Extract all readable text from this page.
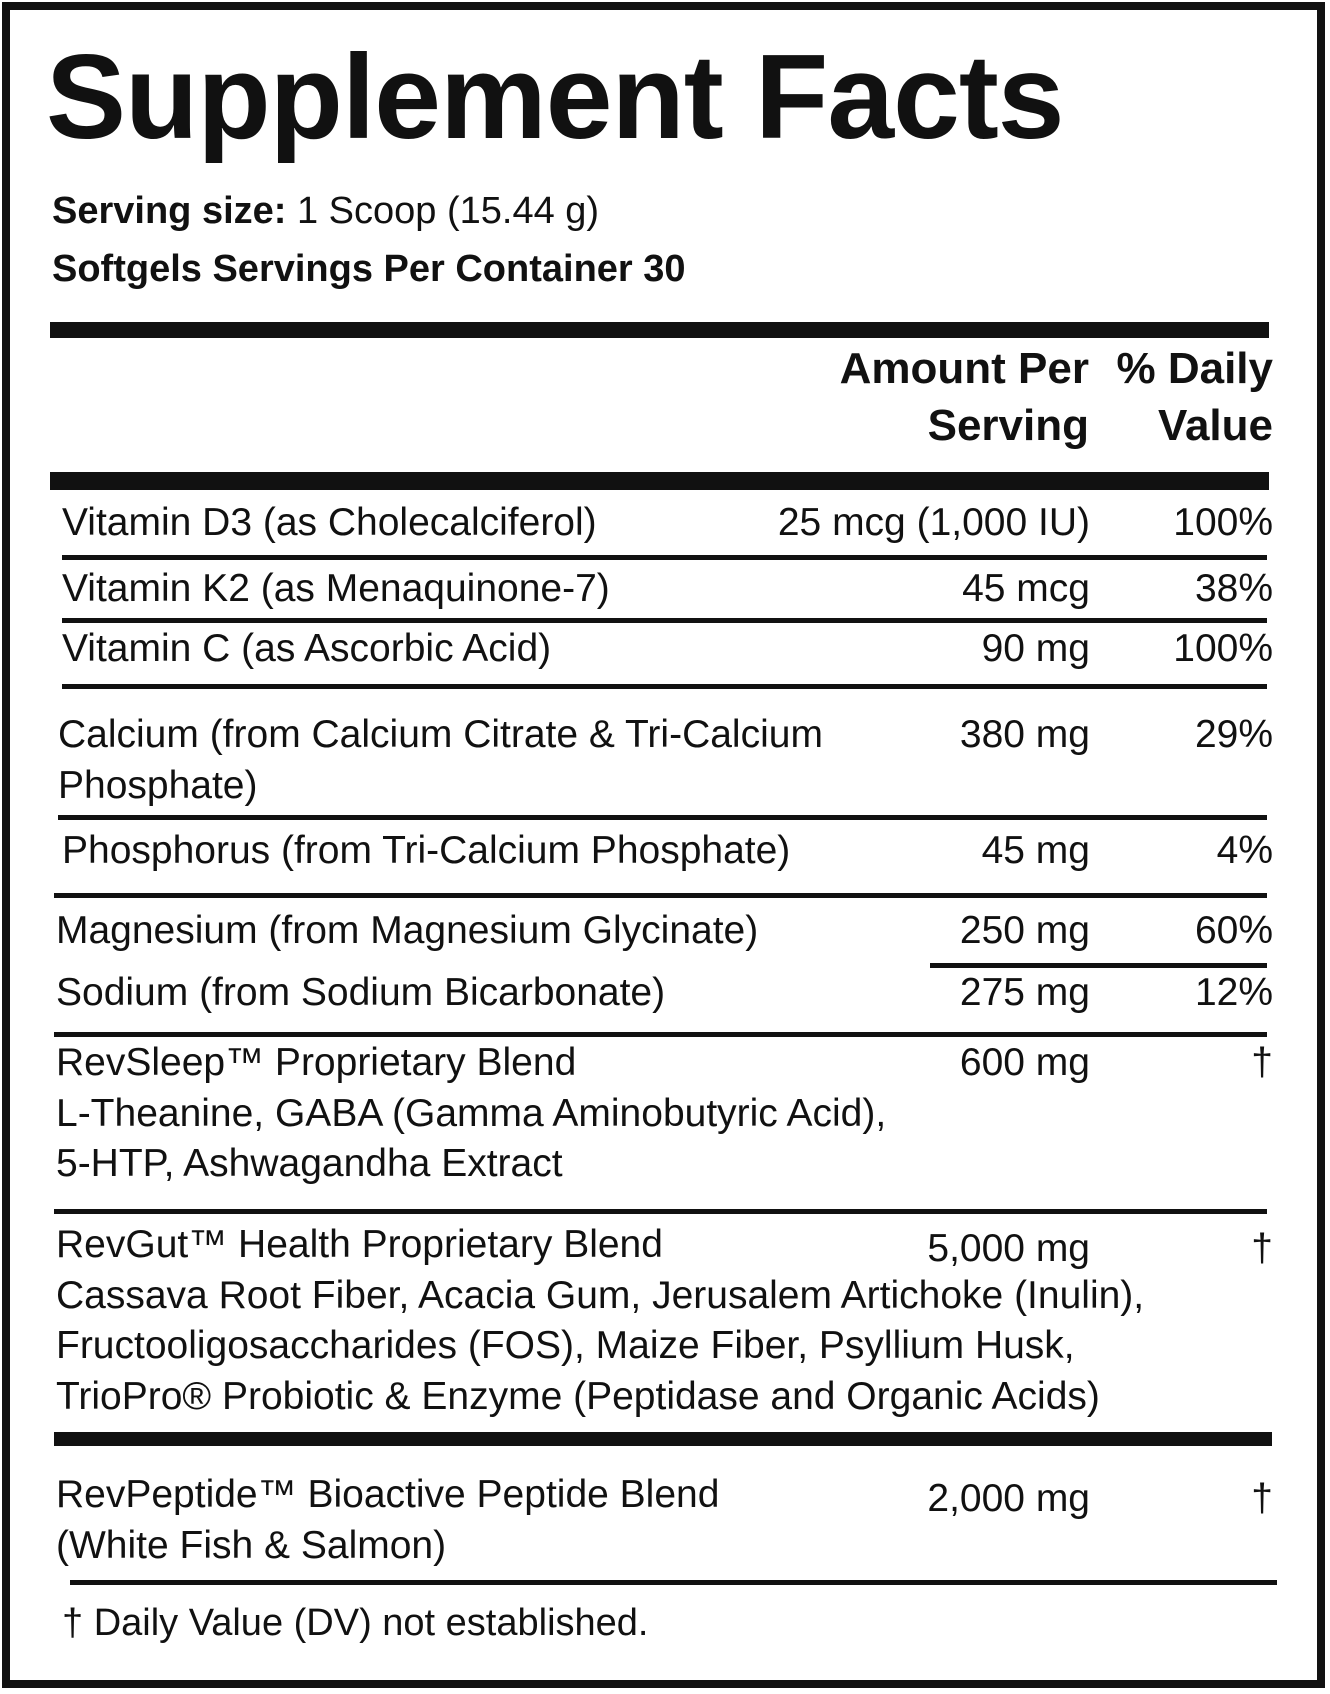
Supplement Facts
Serving size: 1 Scoop (15.44 g)
Softgels Servings Per Container 30
Amount Per
Serving
% Daily
Value
Vitamin D3 (as Cholecalciferol)	25 mcg (1,000 IU) 100%
Vitamin K2 (as Menaquinone-7)	45 mcg	38%
Vitamin C (as Ascorbic Acid)	90 mg 100%
Calcium (from Calcium Citrate & Tri-Calcium
Phosphate)
380 mg	29%
Phosphorus (from Tri-Calcium Phosphate)	45 mg	4%
Magnesium (from Magnesium Glycinate)	250 mg	60%
Sodium (from Sodium Bicarbonate)	275 mg	12%
RevSleep™ Proprietary Blend
L-Theanine, GABA (Gamma Aminobutyric Acid),
5-HTP, Ashwagandha Extract
600 mg	†
RevGut™ Health Proprietary Blend
Cassava Root Fiber, Acacia Gum, Jerusalem Artichoke (Inulin),
Fructooligosaccharides (FOS), Maize Fiber, Psyllium Husk,
TrioPro® Probiotic & Enzyme (Peptidase and Organic Acids)
5,000 mg	†
RevPeptide™ Bioactive Peptide Blend
(White Fish & Salmon)
2,000 mg	†
† Daily Value (DV) not established.
